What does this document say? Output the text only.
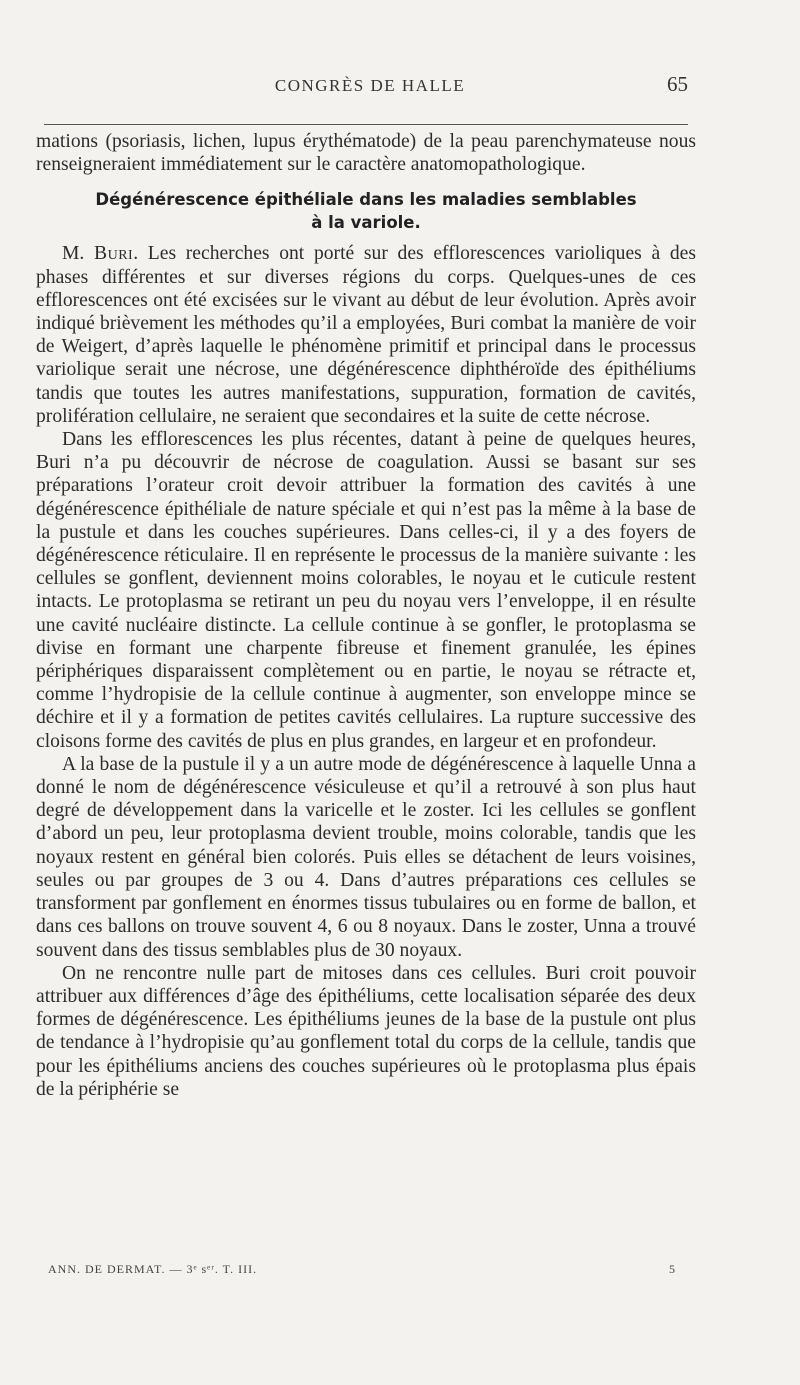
CONGRÈS DE HALLE	65

mations (psoriasis, lichen, lupus érythématode) de la peau parenchymateuse nous renseigneraient immédiatement sur le caractère anatomopathologique.

Dégénérescence épithéliale dans les maladies semblables
à la variole.

M. Buri. Les recherches ont porté sur des efflorescences varioliques à des phases différentes et sur diverses régions du corps. Quelques-unes de ces efflorescences ont été excisées sur le vivant au début de leur évolution. Après avoir indiqué brièvement les méthodes qu’il a employées, Buri combat la manière de voir de Weigert, d’après laquelle le phénomène primitif et principal dans le processus variolique serait une nécrose, une dégénérescence diphthéroïde des épithéliums tandis que toutes les autres manifestations, suppuration, formation de cavités, prolifération cellulaire, ne seraient que secondaires et la suite de cette nécrose.

Dans les efflorescences les plus récentes, datant à peine de quelques heures, Buri n’a pu découvrir de nécrose de coagulation. Aussi se basant sur ses préparations l’orateur croit devoir attribuer la formation des cavités à une dégénérescence épithéliale de nature spéciale et qui n’est pas la même à la base de la pustule et dans les couches supérieures. Dans celles-ci, il y a des foyers de dégénérescence réticulaire. Il en représente le processus de la manière suivante : les cellules se gonflent, deviennent moins colorables, le noyau et le cuticule restent intacts. Le protoplasma se retirant un peu du noyau vers l’enveloppe, il en résulte une cavité nucléaire distincte. La cellule continue à se gonfler, le protoplasma se divise en formant une charpente fibreuse et finement granulée, les épines périphériques disparaissent complètement ou en partie, le noyau se rétracte et, comme l’hydropisie de la cellule continue à augmenter, son enveloppe mince se déchire et il y a formation de petites cavités cellulaires. La rupture successive des cloisons forme des cavités de plus en plus grandes, en largeur et en profondeur.

A la base de la pustule il y a un autre mode de dégénérescence à laquelle Unna a donné le nom de dégénérescence vésiculeuse et qu’il a retrouvé à son plus haut degré de développement dans la varicelle et le zoster. Ici les cellules se gonflent d’abord un peu, leur protoplasma devient trouble, moins colorable, tandis que les noyaux restent en général bien colorés. Puis elles se détachent de leurs voisines, seules ou par groupes de 3 ou 4. Dans d’autres préparations ces cellules se transforment par gonflement en énormes tissus tubulaires ou en forme de ballon, et dans ces ballons on trouve souvent 4, 6 ou 8 noyaux. Dans le zoster, Unna a trouvé souvent dans des tissus semblables plus de 30 noyaux.

On ne rencontre nulle part de mitoses dans ces cellules. Buri croit pouvoir attribuer aux différences d’âge des épithéliums, cette localisation séparée des deux formes de dégénérescence. Les épithéliums jeunes de la base de la pustule ont plus de tendance à l’hydropisie qu’au gonflement total du corps de la cellule, tandis que pour les épithéliums anciens des couches supérieures où le protoplasma plus épais de la périphérie se

ANN. DE DERMAT. — 3ᵉ sᵉʳ. T. III.	5
